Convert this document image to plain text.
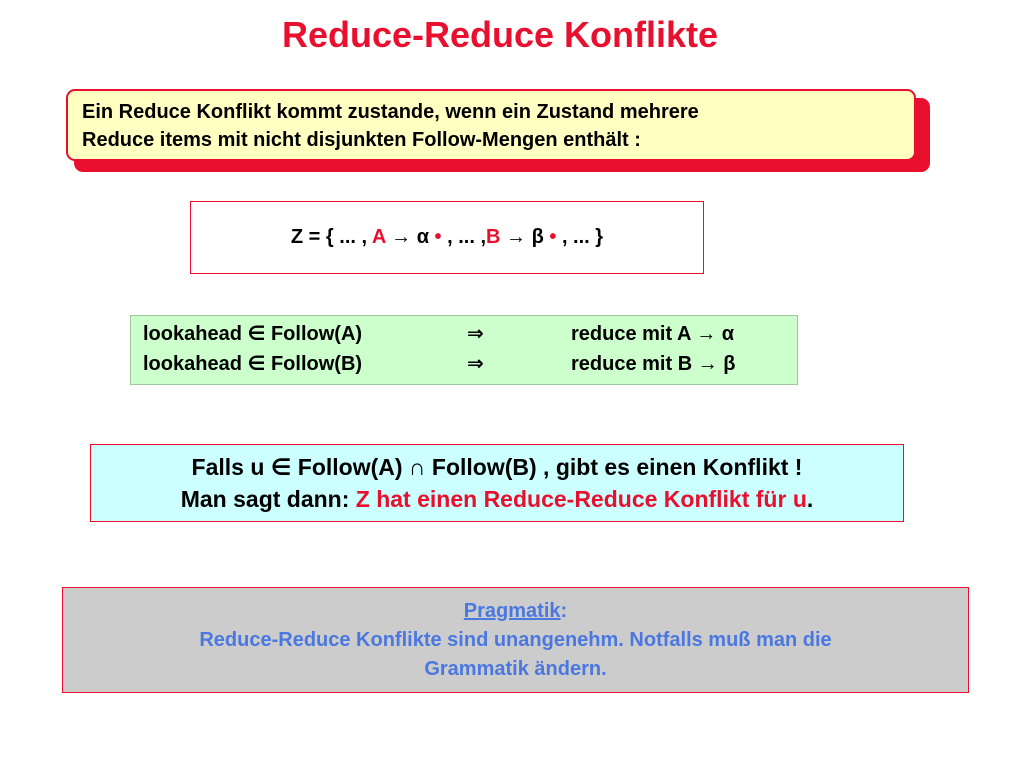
Reduce-Reduce Konflikte
Ein Reduce Konflikt kommt zustande, wenn ein Zustand mehrere
Reduce items mit nicht disjunkten Follow-Mengen enthält :
Z = { ... , A → α • , ... ,B → β • , ... }
lookahead ∈ Follow(A)	⇒	reduce mit A → α
lookahead ∈ Follow(B)	⇒	reduce mit B → β
Falls u ∈ Follow(A) ∩ Follow(B) , gibt es einen Konflikt !
Man sagt dann: Z hat einen Reduce-Reduce Konflikt für u.
Pragmatik:
Reduce-Reduce Konflikte sind unangenehm. Notfalls muß man die
Grammatik ändern.
